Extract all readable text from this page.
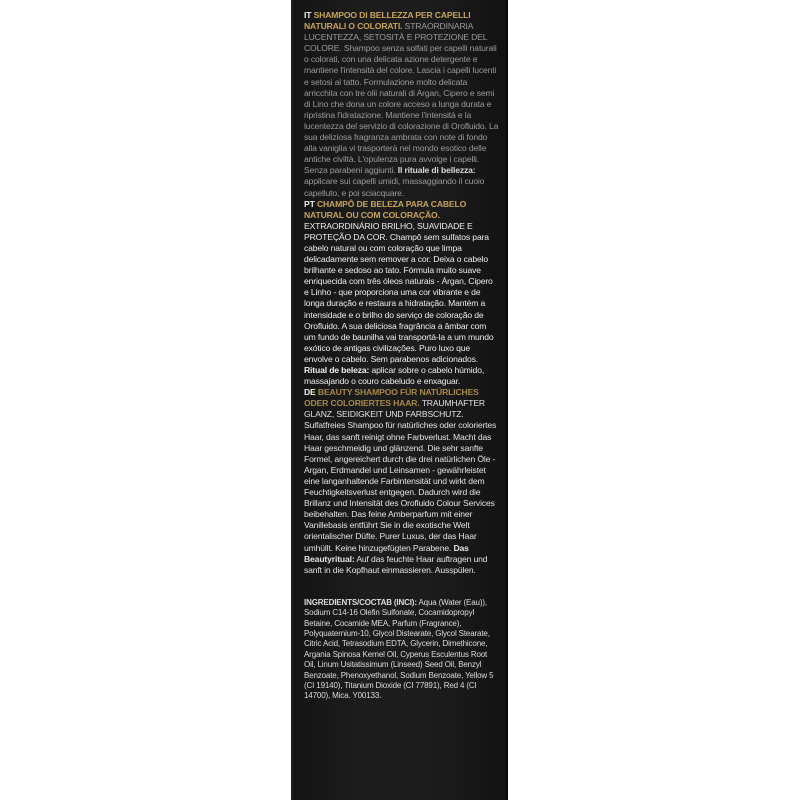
IT SHAMPOO DI BELLEZZA PER CAPELLI NATURALI O COLORATI. STRAORDINARIA LUCENTEZZA, SETOSITÀ E PROTEZIONE DEL COLORE. Shampoo senza solfati per capelli naturali o colorati, con una delicata azione detergente e mantiene l'intensità del colore. Lascia i capelli lucenti e setosi al tatto. Formulazione molto delicata arricchita con tre olii naturali di Argan, Cipero e semi di Lino che dona un colore acceso a lunga durata e ripristina l'idratazione. Mantiene l'intensità e la lucentezza del servizio di colorazione di Orofluido. La sua deliziosa fragranza ambrata con note di fondo alla vaniglia vi trasporterà nel mondo esotico delle antiche civiltà. L'opulenza pura avvolge i capelli. Senza parabeni aggiunti. Il rituale di bellezza: applicare sui capelli umidi, massaggiando il cuoio capelluto, e poi sciacquare.

PT CHAMPÔ DE BELEZA PARA CABELO NATURAL OU COM COLORAÇÃO. EXTRAORDINÁRIO BRILHO, SUAVIDADE E PROTEÇÃO DA COR. Champô sem sulfatos para cabelo natural ou com coloração que limpa delicadamente sem remover a cor. Deixa o cabelo brilhante e sedoso ao tato. Fórmula muito suave enriquecida com três óleos naturais - Árgan, Cipero e Linho - que proporciona uma cor vibrante e de longa duração e restaura a hidratação. Mantém a intensidade e o brilho do serviço de coloração de Orofluido. A sua deliciosa fragrância a âmbar com um fundo de baunilha vai transportá-la a um mundo exótico de antigas civilizações. Puro luxo que envolve o cabelo. Sem parabenos adicionados. Ritual de beleza: aplicar sobre o cabelo húmido, massajando o couro cabeludo e enxaguar.

DE BEAUTY SHAMPOO FÜR NATÜRLICHES ODER COLORIERTES HAAR. TRAUMHAFTER GLANZ, SEIDIGKEIT UND FARBSCHUTZ. Sulfatfreies Shampoo für natürliches oder coloriertes Haar, das sanft reinigt ohne Farbverlust. Macht das Haar geschmeidig und glänzend. Die sehr sanfte Formel, angereichert durch die drei natürlichen Öle - Argan, Erdmandel und Leinsamen - gewährleistet eine langanhaltende Farbintensität und wirkt dem Feuchtigkeitsverlust entgegen. Dadurch wird die Brillanz und Intensität des Orofluido Colour Services beibehalten. Das feine Amberparfum mit einer Vanillebasis entführt Sie in die exotische Welt orientalischer Düfte. Purer Luxus, der das Haar umhüllt. Keine hinzugefügten Parabene. Das Beautyritual: Auf das feuchte Haar auftragen und sanft in die Kopfhaut einmassieren. Ausspülen.

INGREDIENTS/COCTAB (INCI): Aqua (Water (Eau)), Sodium C14-16 Olefin Sulfonate, Cocamidopropyl Betaine, Cocamide MEA, Parfum (Fragrance), Polyquaternium-10, Glycol Distearate, Glycol Stearate, Citric Acid, Tetrasodium EDTA, Glycerin, Dimethicone, Argania Spinosa Kernel Oil, Cyperus Esculentus Root Oil, Linum Usitatissimum (Linseed) Seed Oil, Benzyl Benzoate, Phenoxyethanol, Sodium Benzoate, Yellow 5 (CI 19140), Titanium Dioxide (CI 77891), Red 4 (CI 14700), Mica. Y00133.
